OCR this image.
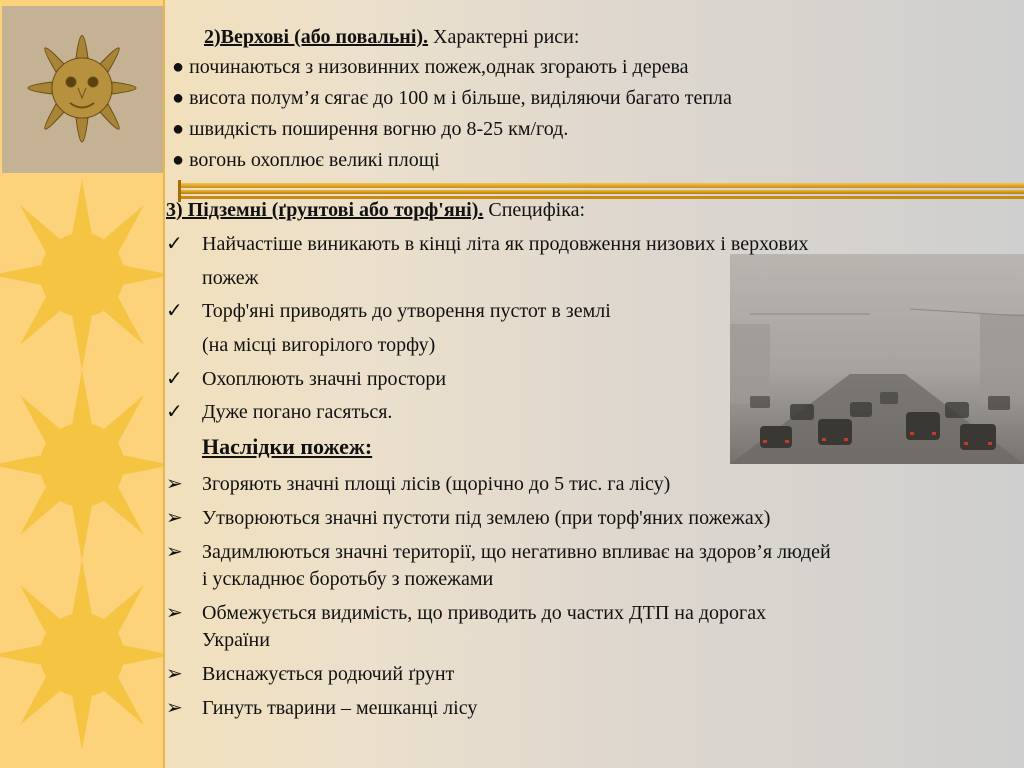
2)Верхові (або повальні). Характерні риси:
● починаються з низовинних пожеж,однак згорають і дерева
● висота полум’я сягає до 100 м і більше, виділяючи багато тепла
● швидкість поширення вогню до 8-25 км/год.
● вогонь охоплює великі площі
3) Підземні (ґрунтові або торф'яні). Специфіка:
✓ Найчастіше виникають в кінці літа як продовження низових і верхових
пожеж
✓ Торф'яні приводять до утворення пустот в землі
(на місці вигорілого торфу)
✓ Охоплюють значні простори
✓ Дуже погано гасяться.
Наслідки пожеж:
➢ Згоряють значні площі лісів (щорічно до 5 тис. га лісу)
➢ Утворюються значні пустоти під землею (при торф'яних пожежах)
➢ Задимлюються значні території, що негативно впливає на здоров’я людей
і ускладнює боротьбу з пожежами
➢ Обмежується видимість, що приводить до частих ДТП на дорогах
України
➢ Виснажується родючий ґрунт
➢ Гинуть тварини – мешканці лісу
